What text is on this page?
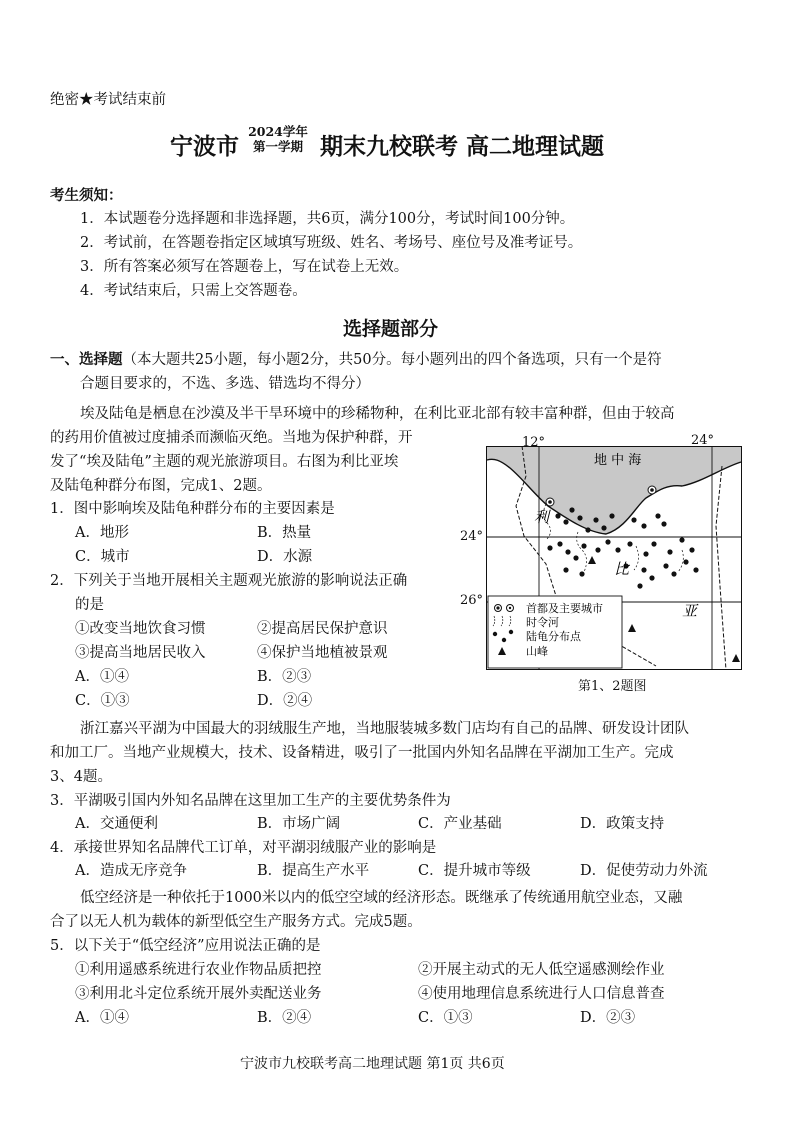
绝密★考试结束前
宁波市
2024学年
第一学期 期末九校联考 高二地理试题
考生须知：
1．本试题卷分选择题和非选择题，共6页，满分100分，考试时间100分钟。
2．考试前，在答题卷指定区域填写班级、姓名、考场号、座位号及准考证号。
3．所有答案必须写在答题卷上，写在试卷上无效。
4．考试结束后，只需上交答题卷。
选择题部分
一、选择题（本大题共25小题，每小题2分，共50分。每小题列出的四个备选项，只有一个是符
合题目要求的，不选、多选、错选均不得分）
埃及陆龟是栖息在沙漠及半干旱环境中的珍稀物种，在利比亚北部有较丰富种群，但由于较高
的药用价值被过度捕杀而濒临灭绝。当地为保护种群，开
发了“埃及陆龟”主题的观光旅游项目。右图为利比亚埃
及陆龟种群分布图，完成1、2题。
1．图中影响埃及陆龟种群分布的主要因素是
A．地形	B．热量
C．城市	D．水源
2．下列关于当地开展相关主题观光旅游的影响说法正确
的是
①改变当地饮食习惯	②提高居民保护意识
③提高当地居民收入	④保护当地植被景观
A．①④	B．②③
C．①③	D．②④
地 中 海
利
比
亚
首都及主要城市
时令河
陆龟分布点
山峰
12°	24°
24°
26°
第1、2题图
浙江嘉兴平湖为中国最大的羽绒服生产地，当地服装城多数门店均有自己的品牌、研发设计团队
和加工厂。当地产业规模大，技术、设备精进，吸引了一批国内外知名品牌在平湖加工生产。完成
3、4题。
3．平湖吸引国内外知名品牌在这里加工生产的主要优势条件为
A．交通便利	B．市场广阔	C．产业基础	D．政策支持
4．承接世界知名品牌代工订单，对平湖羽绒服产业的影响是
A．造成无序竞争	B．提高生产水平	C．提升城市等级	D．促使劳动力外流
低空经济是一种依托于1000米以内的低空空域的经济形态。既继承了传统通用航空业态，又融
合了以无人机为载体的新型低空生产服务方式。完成5题。
5．以下关于“低空经济”应用说法正确的是
①利用遥感系统进行农业作物品质把控	②开展主动式的无人低空遥感测绘作业
③利用北斗定位系统开展外卖配送业务	④使用地理信息系统进行人口信息普查
A．①④	B．②④	C．①③	D．②③
宁波市九校联考高二地理试题 第1页 共6页
